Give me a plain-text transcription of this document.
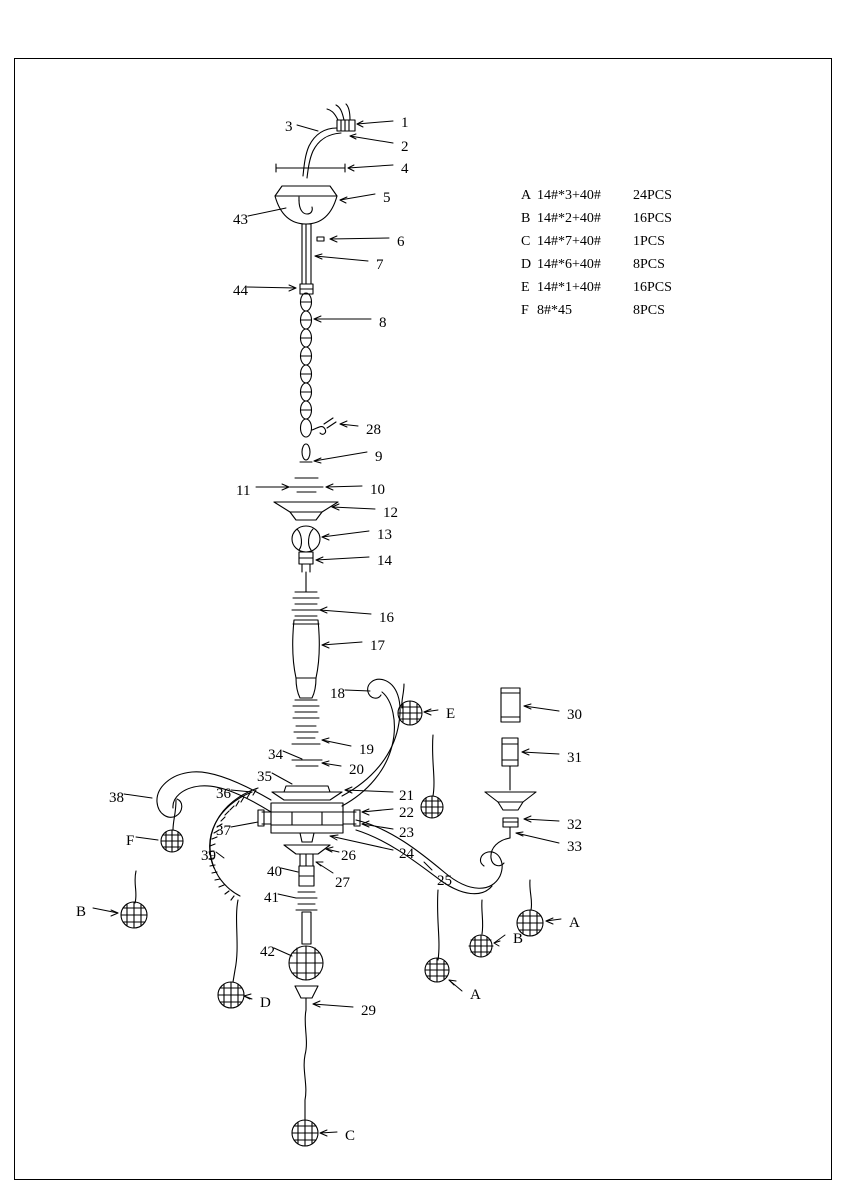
1
2
3
4
5
6
7
8
9
10
11
12
13
14
16
17
18
19
20
21
22
23
24
25
26
27
28
29
30
31
32
33
34
35
36
37
38
39
40
41
42
43
44
E
A
B
A
B
F
D
C
A 14#*3+40#	24PCS
B 14#*2+40#	16PCS
C 14#*7+40#	1PCS
D 14#*6+40#	8PCS
E 14#*1+40#	16PCS
F 8#*45	8PCS
